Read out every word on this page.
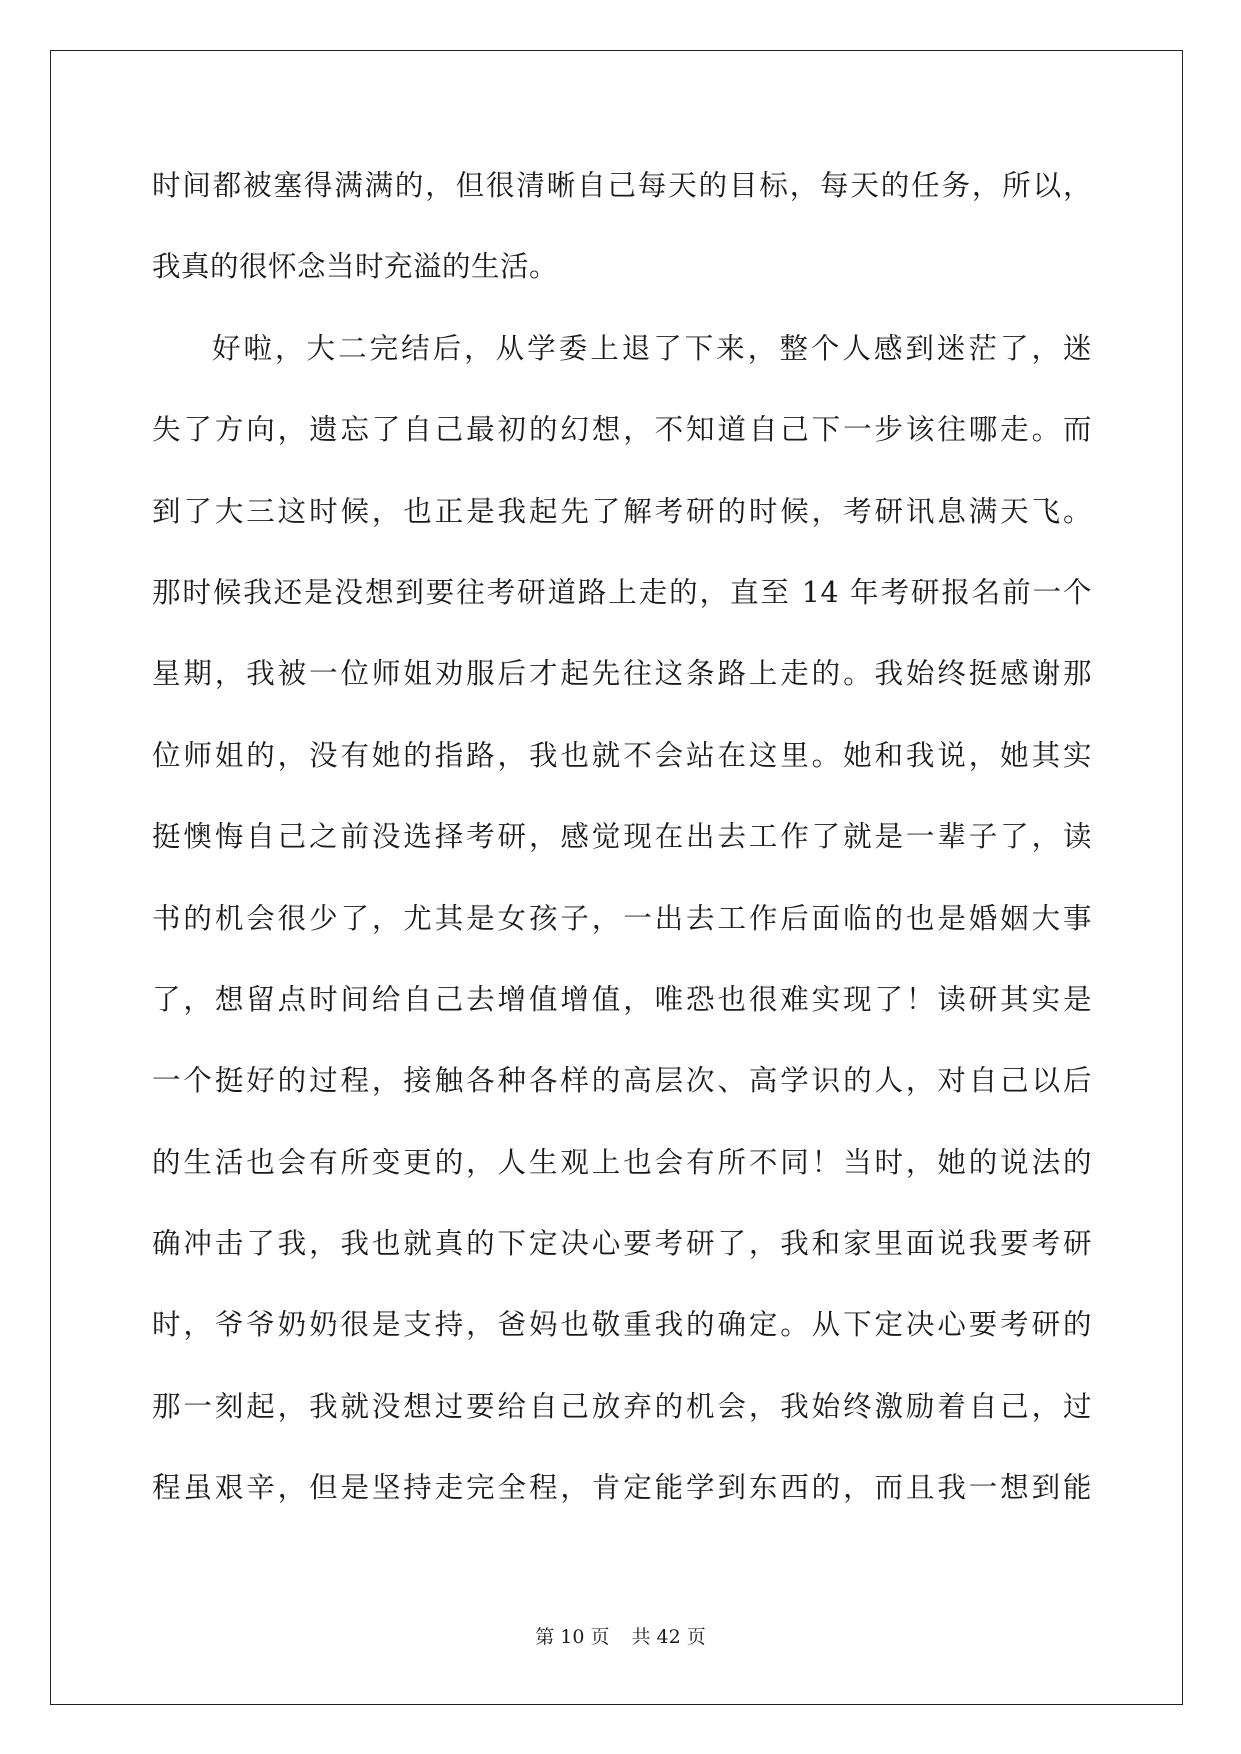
时间都被塞得满满的，但很清晰自己每天的目标，每天的任务，所以，
我真的很怀念当时充溢的生活。
好啦，大二完结后，从学委上退了下来，整个人感到迷茫了，迷
失了方向，遗忘了自己最初的幻想，不知道自己下一步该往哪走。而
到了大三这时候，也正是我起先了解考研的时候，考研讯息满天飞。
那时候我还是没想到要往考研道路上走的，直至 14 年考研报名前一个
星期，我被一位师姐劝服后才起先往这条路上走的。我始终挺感谢那
位师姐的，没有她的指路，我也就不会站在这里。她和我说，她其实
挺懊悔自己之前没选择考研，感觉现在出去工作了就是一辈子了，读
书的机会很少了，尤其是女孩子，一出去工作后面临的也是婚姻大事
了，想留点时间给自己去增值增值，唯恐也很难实现了！读研其实是
一个挺好的过程，接触各种各样的高层次、高学识的人，对自己以后
的生活也会有所变更的，人生观上也会有所不同！当时，她的说法的
确冲击了我，我也就真的下定决心要考研了，我和家里面说我要考研
时，爷爷奶奶很是支持，爸妈也敬重我的确定。从下定决心要考研的
那一刻起，我就没想过要给自己放弃的机会，我始终激励着自己，过
程虽艰辛，但是坚持走完全程，肯定能学到东西的，而且我一想到能
第 10 页 共 42 页
